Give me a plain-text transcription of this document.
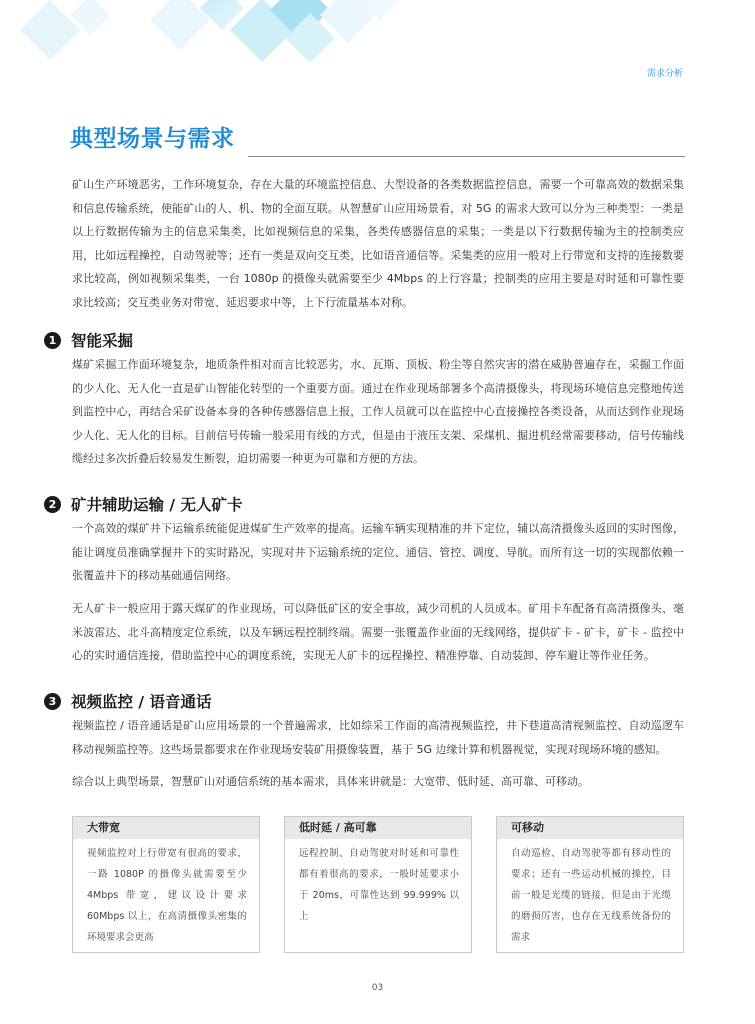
需求分析
典型场景与需求
矿山生产环境恶劣，工作环境复杂，存在大量的环境监控信息、大型设备的各类数据监控信息，需要一个可靠高效的数据采集和信息传输系统，使能矿山的人、机、物的全面互联。从智慧矿山应用场景看，对 5G 的需求大致可以分为三种类型：一类是以上行数据传输为主的信息采集类，比如视频信息的采集，各类传感器信息的采集；一类是以下行数据传输为主的控制类应用，比如远程操控，自动驾驶等；还有一类是双向交互类，比如语音通信等。采集类的应用一般对上行带宽和支持的连接数要求比较高，例如视频采集类，一台 1080p 的摄像头就需要至少 4Mbps 的上行容量；控制类的应用主要是对时延和可靠性要求比较高；交互类业务对带宽、延迟要求中等，上下行流量基本对称。
1 智能采掘
煤矿采掘工作面环境复杂，地质条件相对而言比较恶劣，水、瓦斯、顶板、粉尘等自然灾害的潜在威胁普遍存在，采掘工作面的少人化、无人化一直是矿山智能化转型的一个重要方面。通过在作业现场部署多个高清摄像头，将现场环境信息完整地传送到监控中心，再结合采矿设备本身的各种传感器信息上报，工作人员就可以在监控中心直接操控各类设备，从而达到作业现场少人化、无人化的目标。目前信号传输一般采用有线的方式，但是由于液压支架、采煤机、掘进机经常需要移动，信号传输线缆经过多次折叠后较易发生断裂，迫切需要一种更为可靠和方便的方法。
2 矿井辅助运输 / 无人矿卡
一个高效的煤矿井下运输系统能促进煤矿生产效率的提高。运输车辆实现精准的井下定位，辅以高清摄像头返回的实时图像，能让调度员准确掌握井下的实时路况，实现对井下运输系统的定位、通信、管控、调度、导航。而所有这一切的实现都依赖一张覆盖井下的移动基础通信网络。
无人矿卡一般应用于露天煤矿的作业现场，可以降低矿区的安全事故，减少司机的人员成本。矿用卡车配备有高清摄像头、毫米波雷达、北斗高精度定位系统，以及车辆远程控制终端。需要一张覆盖作业面的无线网络，提供矿卡 - 矿卡，矿卡 - 监控中心的实时通信连接，借助监控中心的调度系统，实现无人矿卡的远程操控、精准停靠、自动装卸、停车避让等作业任务。
3 视频监控 / 语音通话
视频监控 / 语音通话是矿山应用场景的一个普遍需求，比如综采工作面的高清视频监控，井下巷道高清视频监控、自动巡逻车移动视频监控等。这些场景都要求在作业现场安装矿用摄像装置，基于 5G 边缘计算和机器视觉，实现对现场环境的感知。
综合以上典型场景，智慧矿山对通信系统的基本需求，具体来讲就是：大宽带、低时延、高可靠、可移动。
大带宽
视频监控对上行带宽有很高的要求，一路 1080P 的摄像头就需要至少 4Mbps 带宽，建议设计要求 60Mbps 以上，在高清摄像头密集的环境要求会更高
低时延 / 高可靠
远程控制、自动驾驶对时延和可靠性都有着很高的要求，一般时延要求小于 20ms，可靠性达到 99.999% 以上
可移动
自动巡检、自动驾驶等都有移动性的要求；还有一些运动机械的操控，目前一般是光缆的链接，但是由于光缆的磨损厉害，也存在无线系统备份的需求
03
